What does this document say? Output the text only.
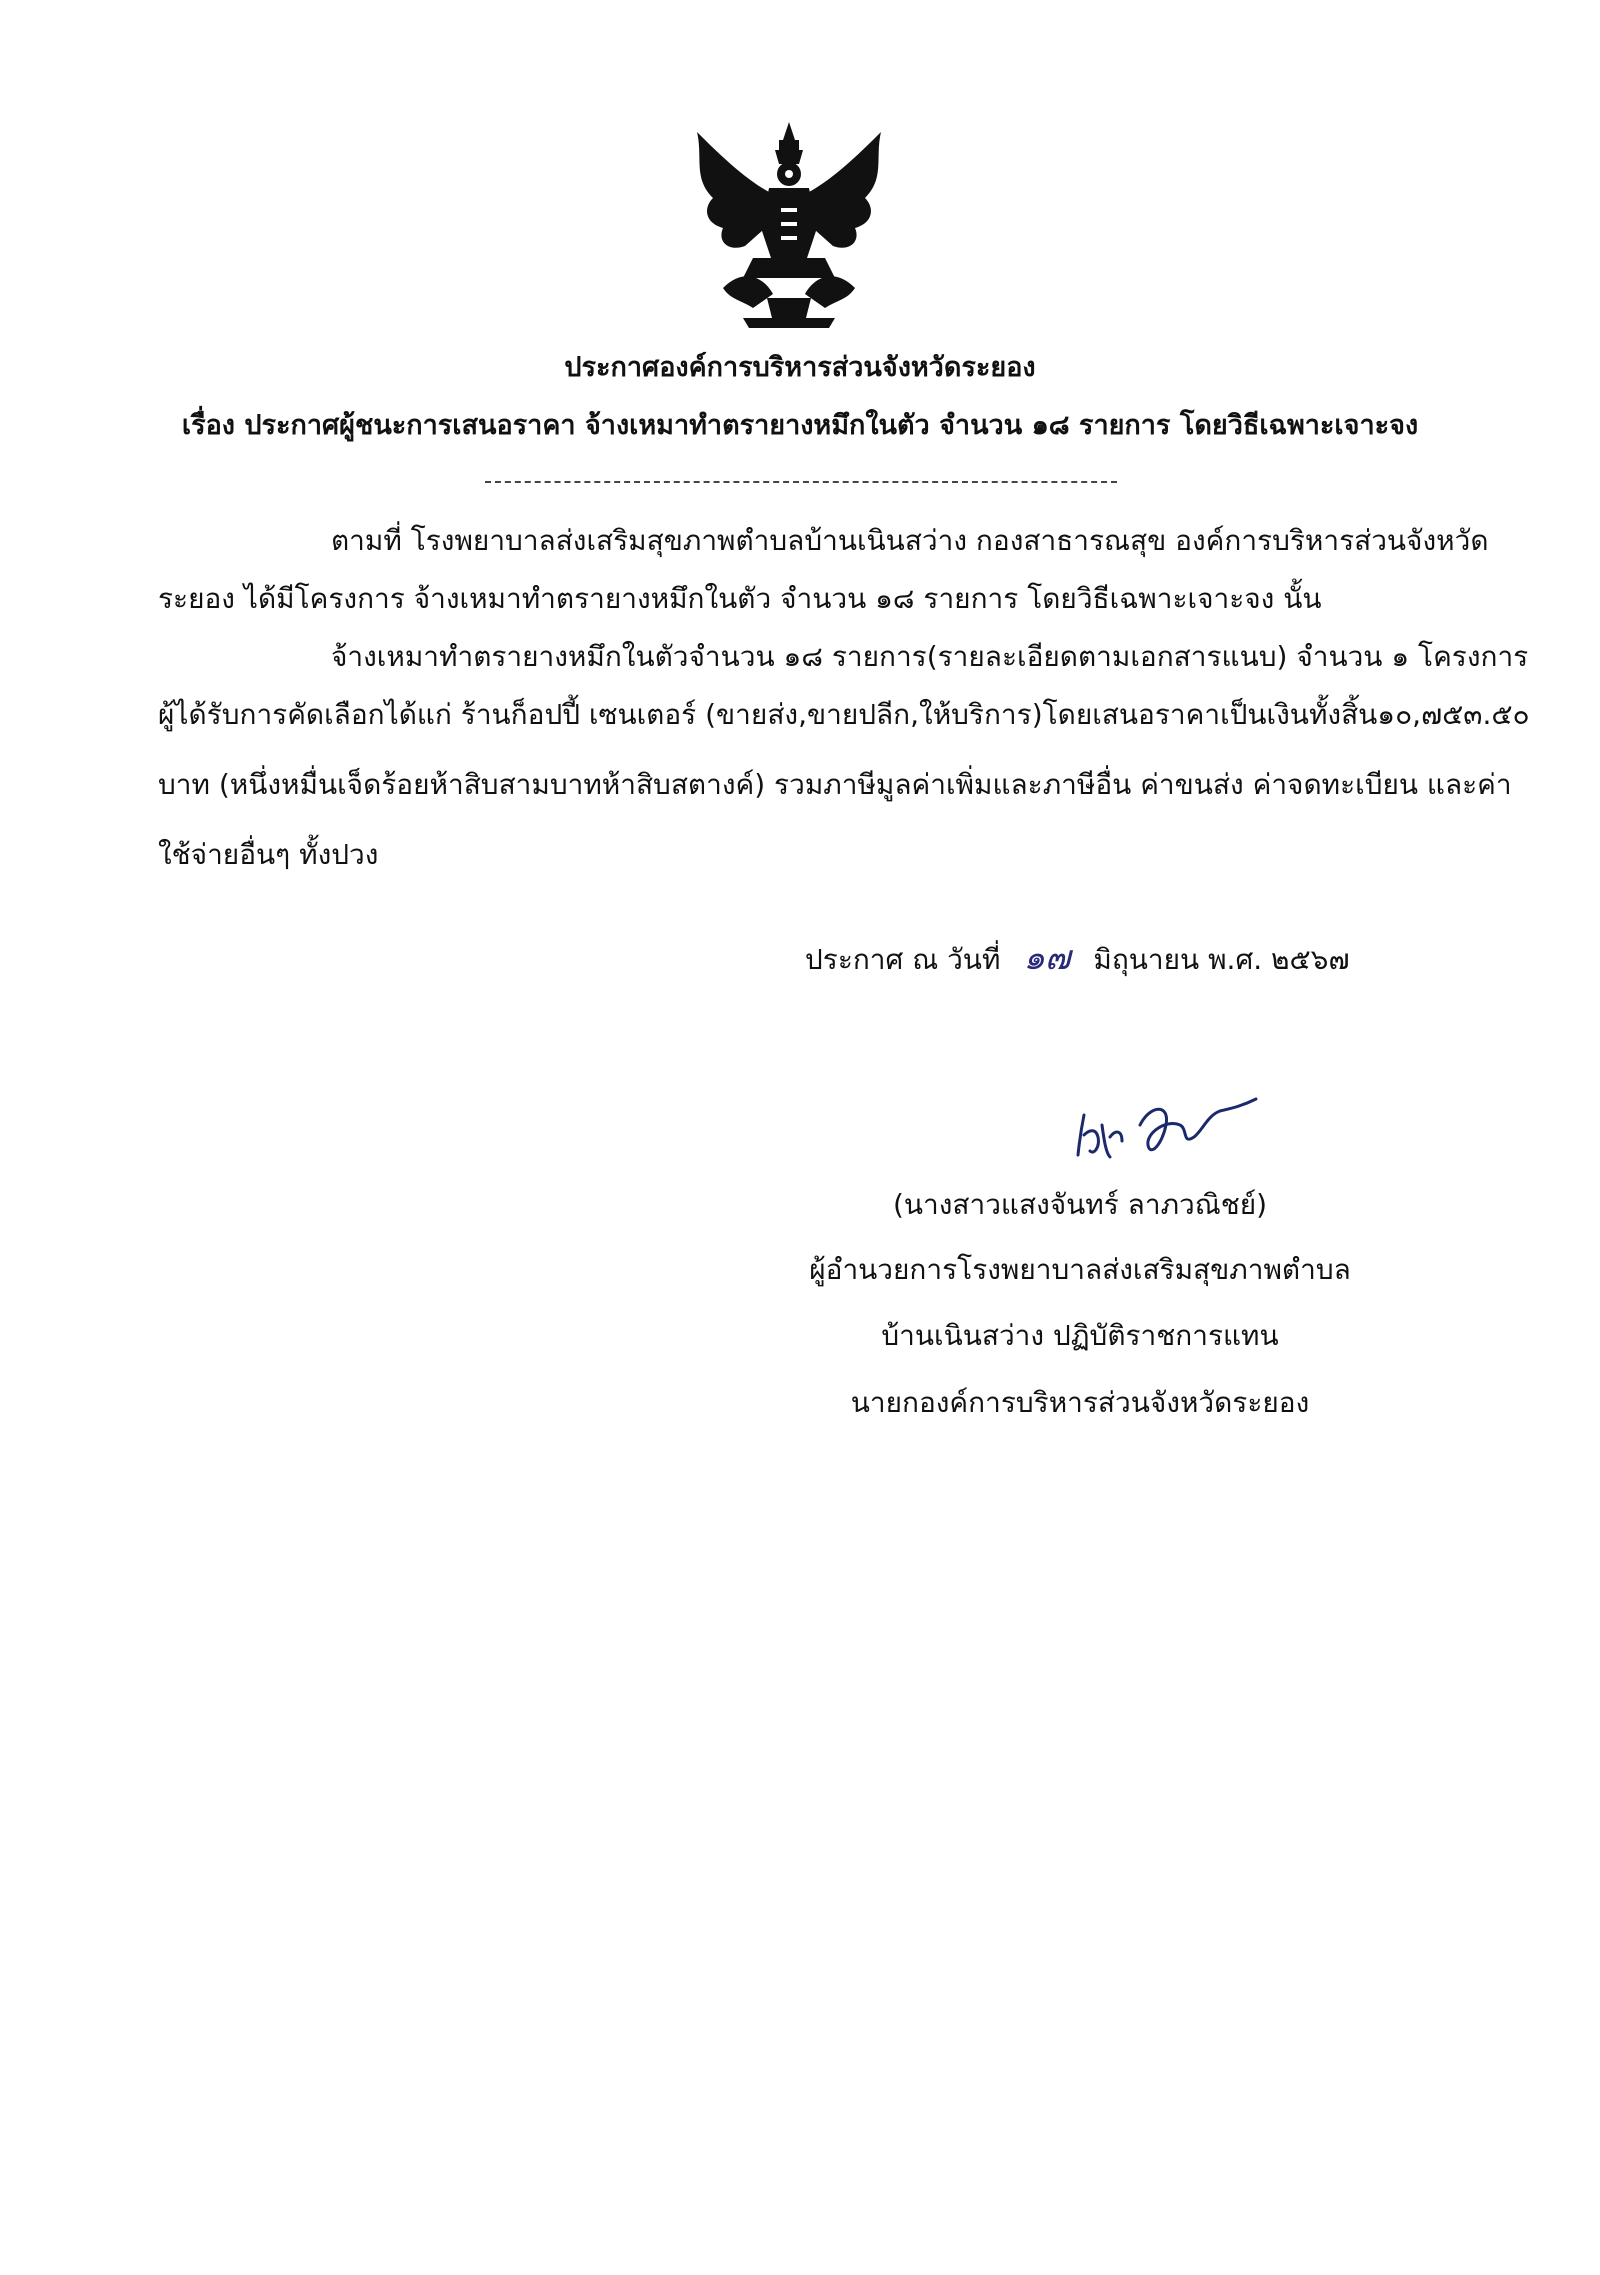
ประกาศองค์การบริหารส่วนจังหวัดระยอง
เรื่อง ประกาศผู้ชนะการเสนอราคา จ้างเหมาทำตรายางหมึกในตัว จำนวน ๑๘ รายการ โดยวิธีเฉพาะเจาะจง
ตามที่ โรงพยาบาลส่งเสริมสุขภาพตำบลบ้านเนินสว่าง กองสาธารณสุข องค์การบริหารส่วนจังหวัด
ระยอง ได้มีโครงการ จ้างเหมาทำตรายางหมึกในตัว จำนวน ๑๘ รายการ โดยวิธีเฉพาะเจาะจง นั้น
จ้างเหมาทำตรายางหมึกในตัวจำนวน ๑๘ รายการ(รายละเอียดตามเอกสารแนบ) จำนวน ๑ โครงการ
ผู้ได้รับการคัดเลือกได้แก่ ร้านก็อปปี้ เซนเตอร์ (ขายส่ง,ขายปลีก,ให้บริการ)โดยเสนอราคาเป็นเงินทั้งสิ้น๑๐,๗๕๓.๕๐
บาท (หนึ่งหมื่นเจ็ดร้อยห้าสิบสามบาทห้าสิบสตางค์) รวมภาษีมูลค่าเพิ่มและภาษีอื่น ค่าขนส่ง ค่าจดทะเบียน และค่า
ใช้จ่ายอื่นๆ ทั้งปวง
ประกาศ ณ วันที่ ๑๗ มิถุนายน พ.ศ. ๒๕๖๗
(นางสาวแสงจันทร์ ลาภวณิชย์)
ผู้อำนวยการโรงพยาบาลส่งเสริมสุขภาพตำบล
บ้านเนินสว่าง ปฏิบัติราชการแทน
นายกองค์การบริหารส่วนจังหวัดระยอง
